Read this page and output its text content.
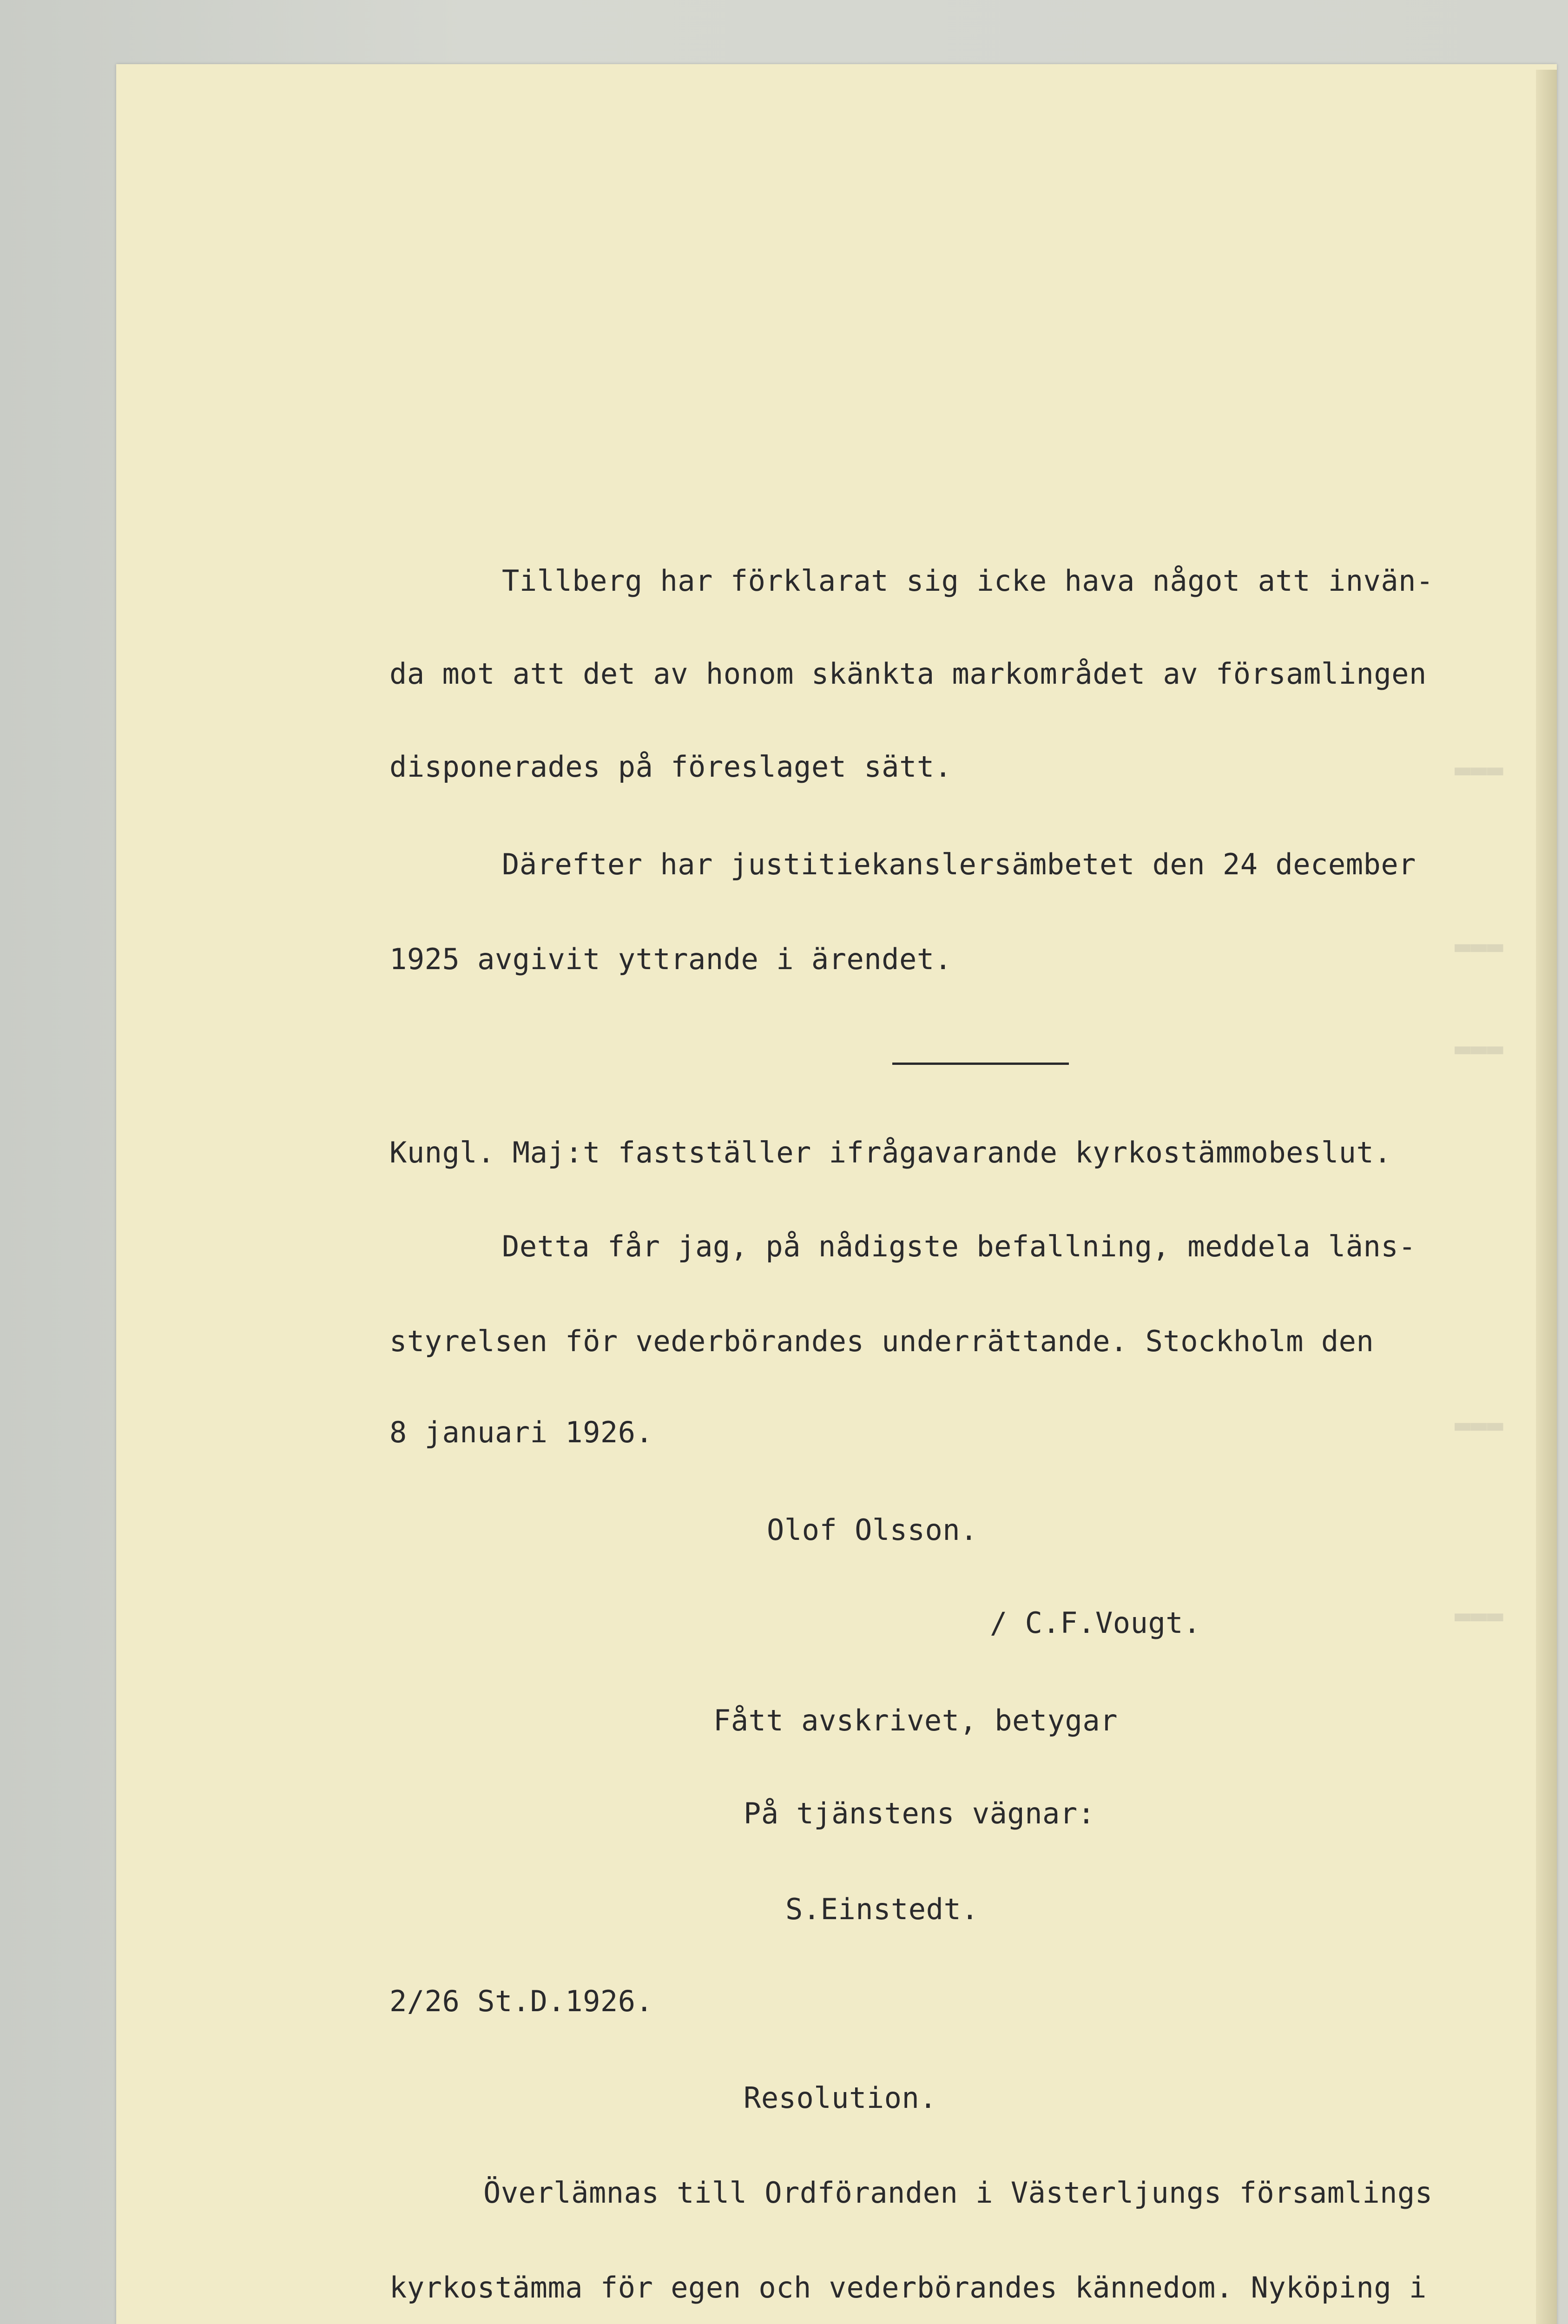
▬▬▬
▬▬▬
▬▬▬
▬▬▬
▬▬▬
Tillberg har förklarat sig icke hava något att invän-
da mot att det av honom skänkta markområdet av församlingen
disponerades på föreslaget sätt.
Därefter har justitiekanslersämbetet den 24 december
1925 avgivit yttrande i ärendet.
Kungl. Maj:t fastställer ifrågavarande kyrkostämmobeslut.
Detta får jag, på nådigste befallning, meddela läns-
styrelsen för vederbörandes underrättande. Stockholm den
8 januari 1926.
Olof Olsson.
/ C.F.Vougt.
Fått avskrivet, betygar
På tjänstens vägnar:
S.Einstedt.
2/26 St.D.1926.
Resolution.
Överlämnas till Ordföranden i Västerljungs församlings
kyrkostämma för egen och vederbörandes kännedom. Nyköping i
